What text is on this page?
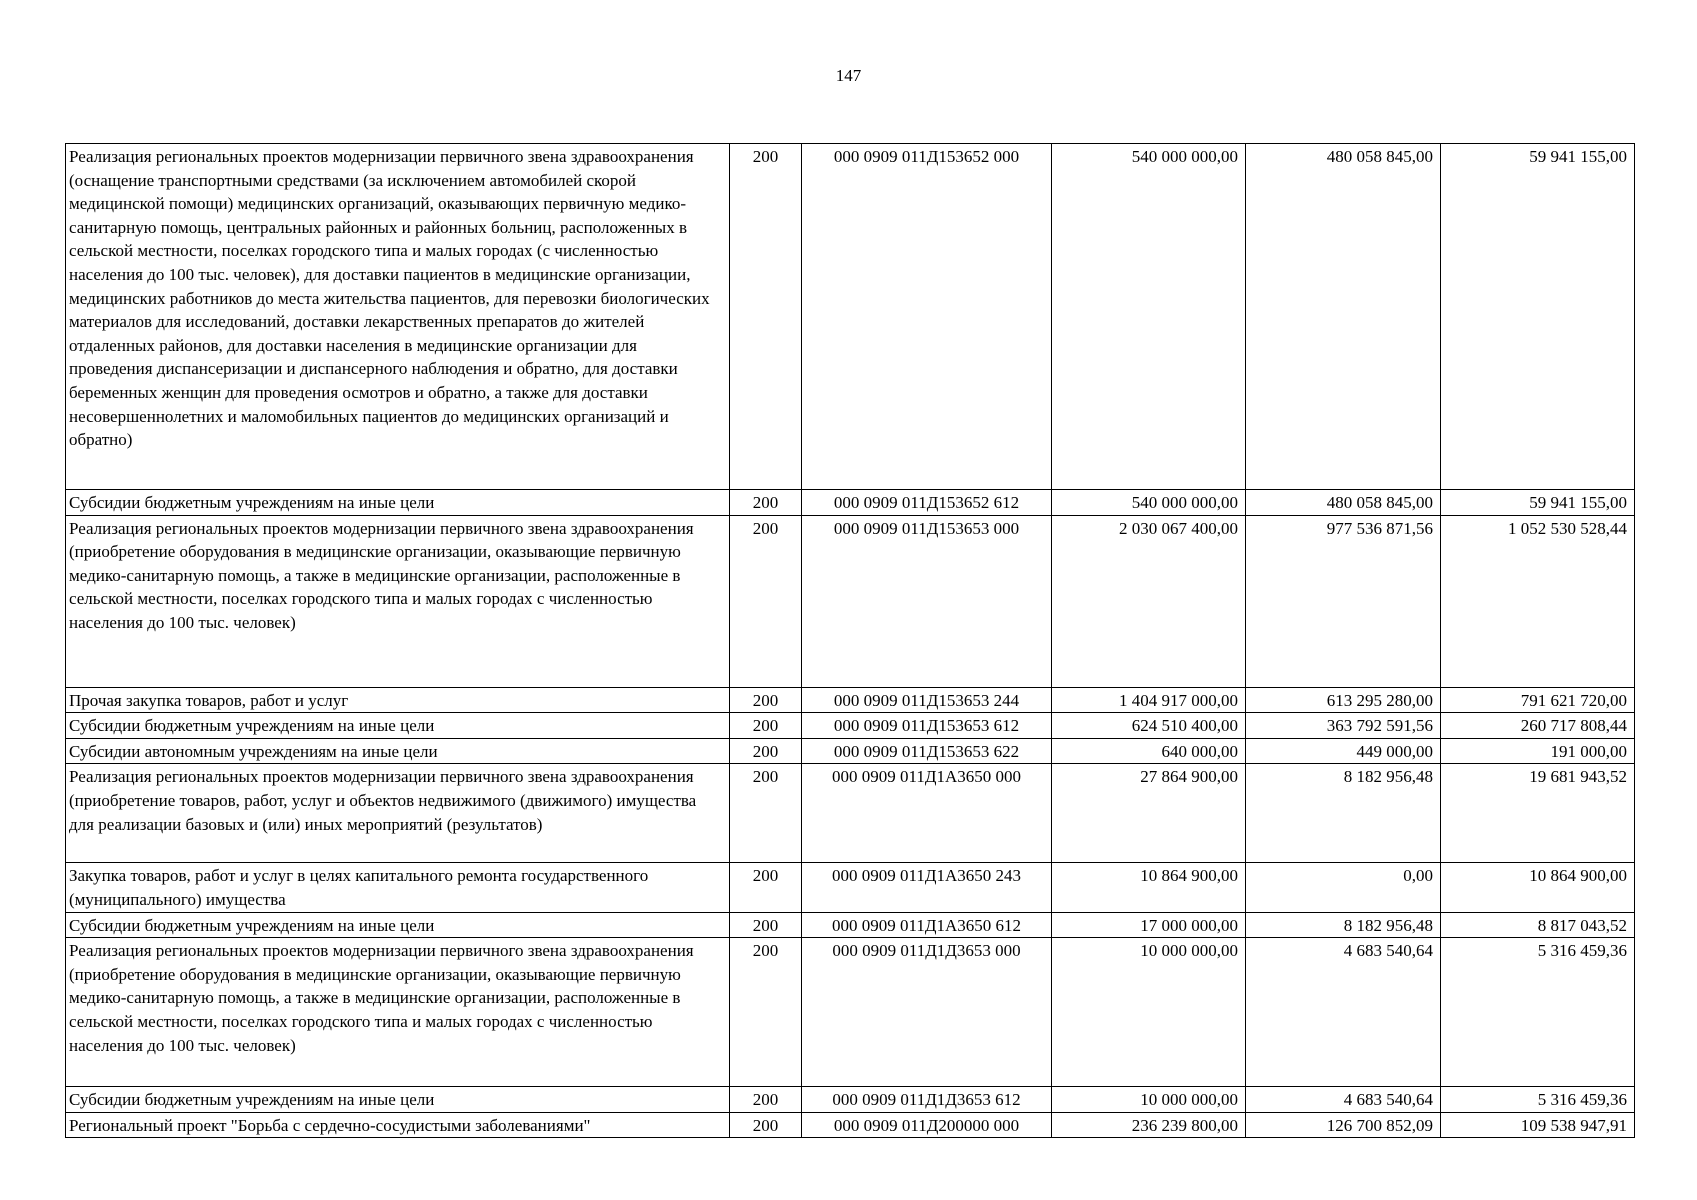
147
Реализация региональных проектов модернизации первичного звена здравоохранения (оснащение транспортными средствами (за исключением автомобилей скорой медицинской помощи) медицинских организаций, оказывающих первичную медико-санитарную помощь, центральных районных и районных больниц, расположенных в сельской местности, поселках городского типа и малых городах (с численностью населения до 100 тыс. человек), для доставки пациентов в медицинские организации, медицинских работников до места жительства пациентов, для перевозки биологических материалов для исследований, доставки лекарственных препаратов до жителей отдаленных районов, для доставки населения в медицинские организации для проведения диспансеризации и диспансерного наблюдения и обратно, для доставки беременных женщин для проведения осмотров и обратно, а также для доставки несовершеннолетних и маломобильных пациентов до медицинских организаций и обратно)	200	000 0909 011Д153652 000	540 000 000,00	480 058 845,00	59 941 155,00
Субсидии бюджетным учреждениям на иные цели	200	000 0909 011Д153652 612	540 000 000,00	480 058 845,00	59 941 155,00
Реализация региональных проектов модернизации первичного звена здравоохранения (приобретение оборудования в медицинские организации, оказывающие первичную медико-санитарную помощь, а также в медицинские организации, расположенные в сельской местности, поселках городского типа и малых городах с численностью населения до 100 тыс. человек)	200	000 0909 011Д153653 000	2 030 067 400,00	977 536 871,56	1 052 530 528,44
Прочая закупка товаров, работ и услуг	200	000 0909 011Д153653 244	1 404 917 000,00	613 295 280,00	791 621 720,00
Субсидии бюджетным учреждениям на иные цели	200	000 0909 011Д153653 612	624 510 400,00	363 792 591,56	260 717 808,44
Субсидии автономным учреждениям на иные цели	200	000 0909 011Д153653 622	640 000,00	449 000,00	191 000,00
Реализация региональных проектов модернизации первичного звена здравоохранения (приобретение товаров, работ, услуг и объектов недвижимого (движимого) имущества для реализации базовых и (или) иных мероприятий (результатов)	200	000 0909 011Д1А3650 000	27 864 900,00	8 182 956,48	19 681 943,52
Закупка товаров, работ и услуг в целях капитального ремонта государственного (муниципального) имущества	200	000 0909 011Д1А3650 243	10 864 900,00	0,00	10 864 900,00
Субсидии бюджетным учреждениям на иные цели	200	000 0909 011Д1А3650 612	17 000 000,00	8 182 956,48	8 817 043,52
Реализация региональных проектов модернизации первичного звена здравоохранения (приобретение оборудования в медицинские организации, оказывающие первичную медико-санитарную помощь, а также в медицинские организации, расположенные в сельской местности, поселках городского типа и малых городах с численностью населения до 100 тыс. человек)	200	000 0909 011Д1Д3653 000	10 000 000,00	4 683 540,64	5 316 459,36
Субсидии бюджетным учреждениям на иные цели	200	000 0909 011Д1Д3653 612	10 000 000,00	4 683 540,64	5 316 459,36
Региональный проект "Борьба с сердечно-сосудистыми заболеваниями"	200	000 0909 011Д200000 000	236 239 800,00	126 700 852,09	109 538 947,91
